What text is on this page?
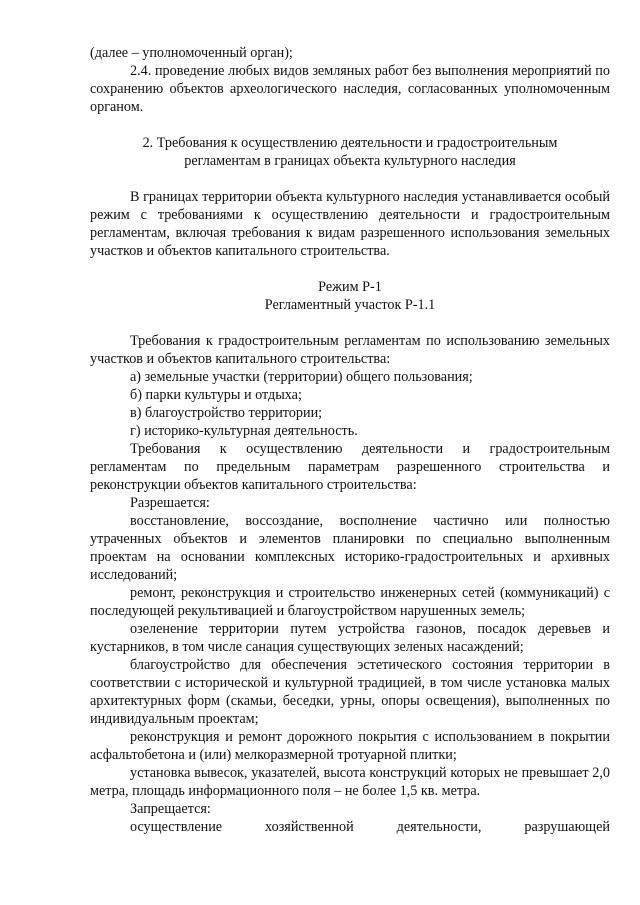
(далее – уполномоченный орган);

2.4. проведение любых видов земляных работ без выполнения мероприятий по сохранению объектов археологического наследия, согласованных уполномоченным органом.

2. Требования к осуществлению деятельности и градостроительным

регламентам в границах объекта культурного наследия

В границах территории объекта культурного наследия устанавливается особый режим с требованиями к осуществлению деятельности и градостроительным регламентам, включая требования к видам разрешенного использования земельных участков и объектов капитального строительства.

Режим Р-1

Регламентный участок Р-1.1

Требования к градостроительным регламентам по использованию земельных участков и объектов капитального строительства:

а) земельные участки (территории) общего пользования;

б) парки культуры и отдыха;

в) благоустройство территории;

г) историко-культурная деятельность.

Требования к осуществлению деятельности и градостроительным регламентам по предельным параметрам разрешенного строительства и реконструкции объектов капитального строительства:

Разрешается:

восстановление, воссоздание, восполнение частично или полностью утраченных объектов и элементов планировки по специально выполненным проектам на основании комплексных историко-градостроительных и архивных исследований;

ремонт, реконструкция и строительство инженерных сетей (коммуникаций) с последующей рекультивацией и благоустройством нарушенных земель;

озеленение территории путем устройства газонов, посадок деревьев и кустарников, в том числе санация существующих зеленых насаждений;

благоустройство для обеспечения эстетического состояния территории в соответствии с исторической и культурной традицией, в том числе установка малых архитектурных форм (скамьи, беседки, урны, опоры освещения), выполненных по индивидуальным проектам;

реконструкция и ремонт дорожного покрытия с использованием в покрытии асфальтобетона и (или) мелкоразмерной тротуарной плитки;

установка вывесок, указателей, высота конструкций которых не превышает 2,0 метра, площадь информационного поля – не более 1,5 кв. метра.

Запрещается:

осуществление хозяйственной деятельности, разрушающей
